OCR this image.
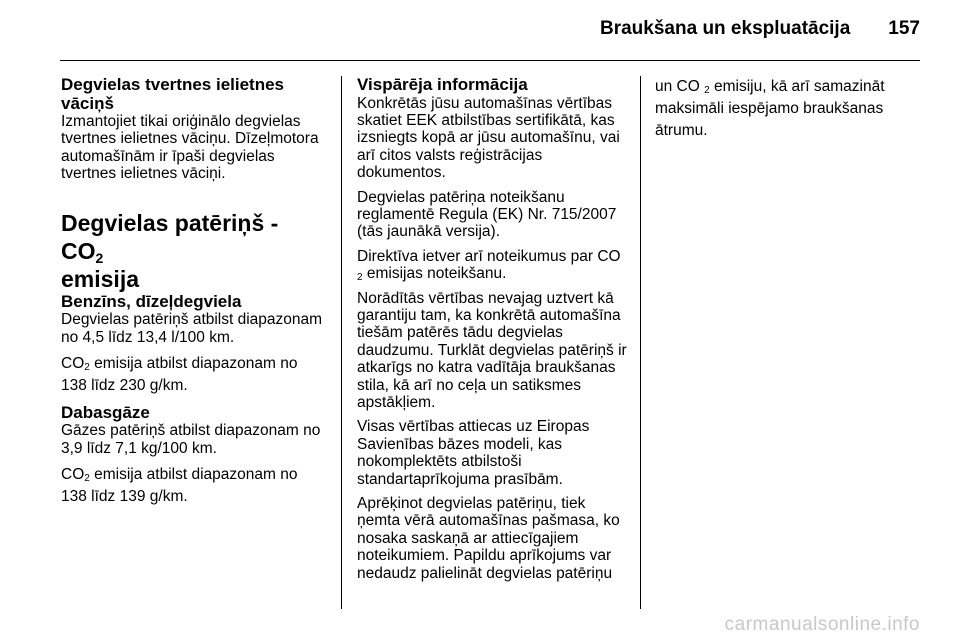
Braukšana un ekspluatācija	157
Degvielas tvertnes ielietnes vāciņš

Izmantojiet tikai oriģinālo degvielas tvertnes ielietnes vāciņu. Dīzeļmotora automašīnām ir īpaši degvielas tvertnes ielietnes vāciņi.

Degvielas patēriņš - $CO_2$
emisija
Benzīns, dīzeļdegviela

Degvielas patēriņš atbilst diapazonam no 4,5 līdz 13,4 l/100 km.

$CO_2$ emisija atbilst diapazonam no 138 līdz 230 g/km.

Dabasgāze

Gāzes patēriņš atbilst diapazonam no 3,9 līdz 7,1 kg/100 km.

$CO_2$ emisija atbilst diapazonam no 138 līdz 139 g/km.

Vispārēja informācija

Konkrētās jūsu automašīnas vērtības skatiet EEK atbilstības sertifikātā, kas izsniegts kopā ar jūsu automašīnu, vai arī citos valsts reģistrācijas dokumentos.

Degvielas patēriņa noteikšanu reglamentē Regula (EK) Nr. 715/2007 (tās jaunākā versija).

Direktīva ietver arī noteikumus par CO $_2$ emisijas noteikšanu.

Norādītās vērtības nevajag uztvert kā garantiju tam, ka konkrētā automašīna tiešām patērēs tādu degvielas daudzumu. Turklāt degvielas patēriņš ir atkarīgs no katra vadītāja braukšanas stila, kā arī no ceļa un satiksmes apstākļiem.

Visas vērtības attiecas uz Eiropas Savienības bāzes modeli, kas nokomplektēts atbilstoši standartaprīkojuma prasībām.

Aprēķinot degvielas patēriņu, tiek ņemta vērā automašīnas pašmasa, ko nosaka saskaņā ar attiecīgajiem noteikumiem. Papildu aprīkojums var nedaudz palielināt degvielas patēriņu

un CO $_2$ emisiju, kā arī samazināt maksimāli iespējamo braukšanas ātrumu.

carmanualsonline.info
